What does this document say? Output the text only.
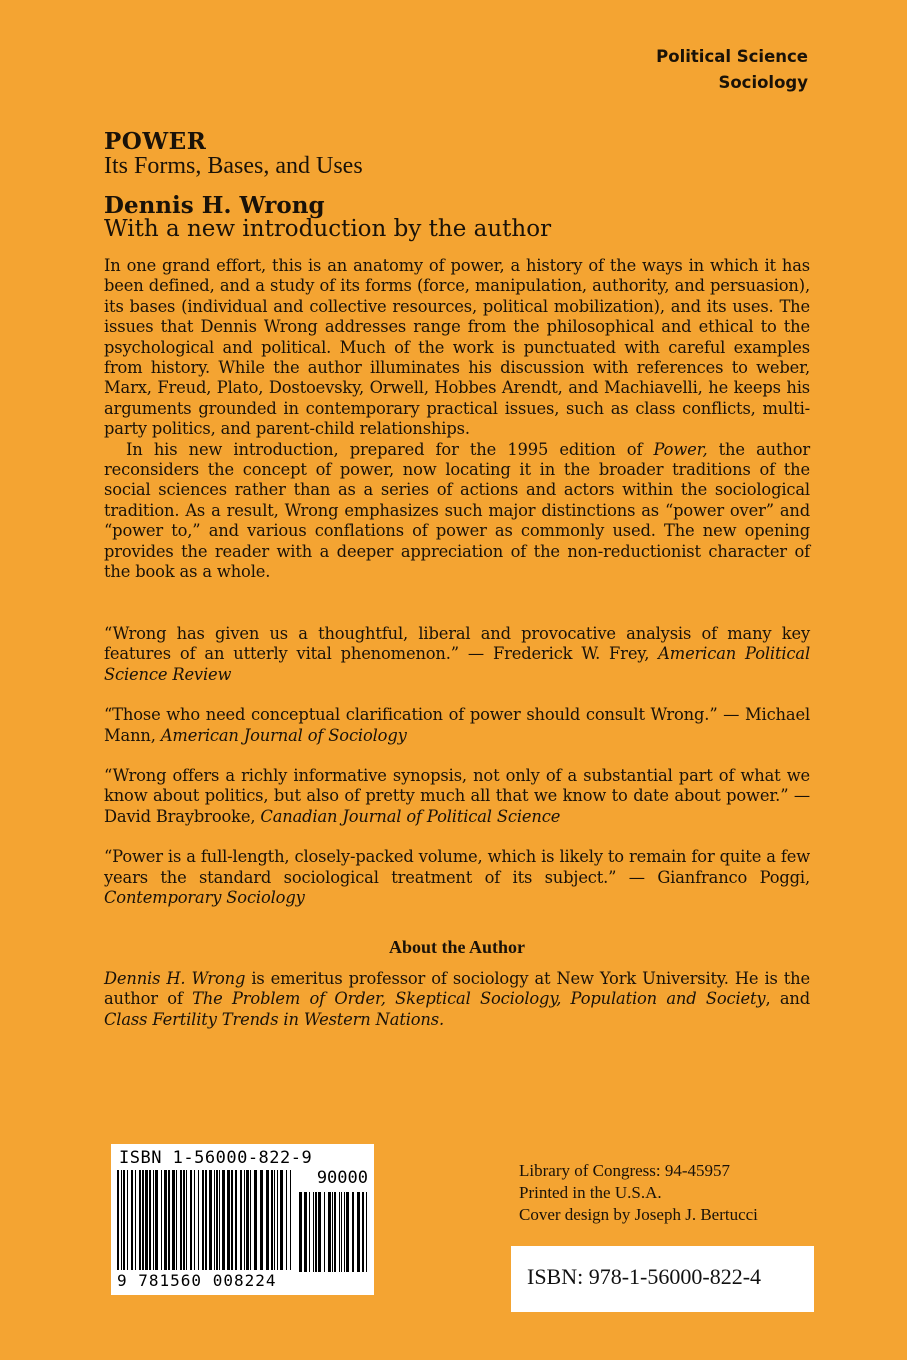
Political Science
Sociology
POWER
Its Forms, Bases, and Uses
Dennis H. Wrong
With a new introduction by the author

In one grand effort, this is an anatomy of power, a history of the ways in which it has been defined, and a study of its forms (force, manipulation, authority, and persuasion), its bases (individual and collective resources, political mobilization), and its uses. The issues that Dennis Wrong addresses range from the philosophical and ethical to the psychological and political. Much of the work is punctuated with careful examples from history. While the author illuminates his discussion with references to weber, Marx, Freud, Plato, Dostoevsky, Orwell, Hobbes Arendt, and Machiavelli, he keeps his arguments grounded in contemporary practical issues, such as class conflicts, multi-party politics, and parent-child relationships.

In his new introduction, prepared for the 1995 edition of Power, the author reconsiders the concept of power, now locating it in the broader traditions of the social sciences rather than as a series of actions and actors within the sociological tradition. As a result, Wrong emphasizes such major distinctions as “power over” and “power to,” and various conflations of power as commonly used. The new opening provides the reader with a deeper appreciation of the non-reductionist character of the book as a whole.

“Wrong has given us a thoughtful, liberal and provocative analysis of many key features of an utterly vital phenomenon.” — Frederick W. Frey, American Political Science Review

“Those who need conceptual clarification of power should consult Wrong.” — Michael Mann, American Journal of Sociology

“Wrong offers a richly informative synopsis, not only of a substantial part of what we know about politics, but also of pretty much all that we know to date about power.” — David Braybrooke, Canadian Journal of Political Science

“Power is a full-length, closely-packed volume, which is likely to remain for quite a few years the standard sociological treatment of its subject.” — Gianfranco Poggi, Contemporary Sociology

About the Author
Dennis H. Wrong is emeritus professor of sociology at New York University. He is the author of The Problem of Order, Skeptical Sociology, Population and Society, and Class Fertility Trends in Western Nations.
ISBN 1-56000-822-9
90000
9 781560 008224
Library of Congress: 94-45957
Printed in the U.S.A.
Cover design by Joseph J. Bertucci
ISBN: 978-1-56000-822-4
